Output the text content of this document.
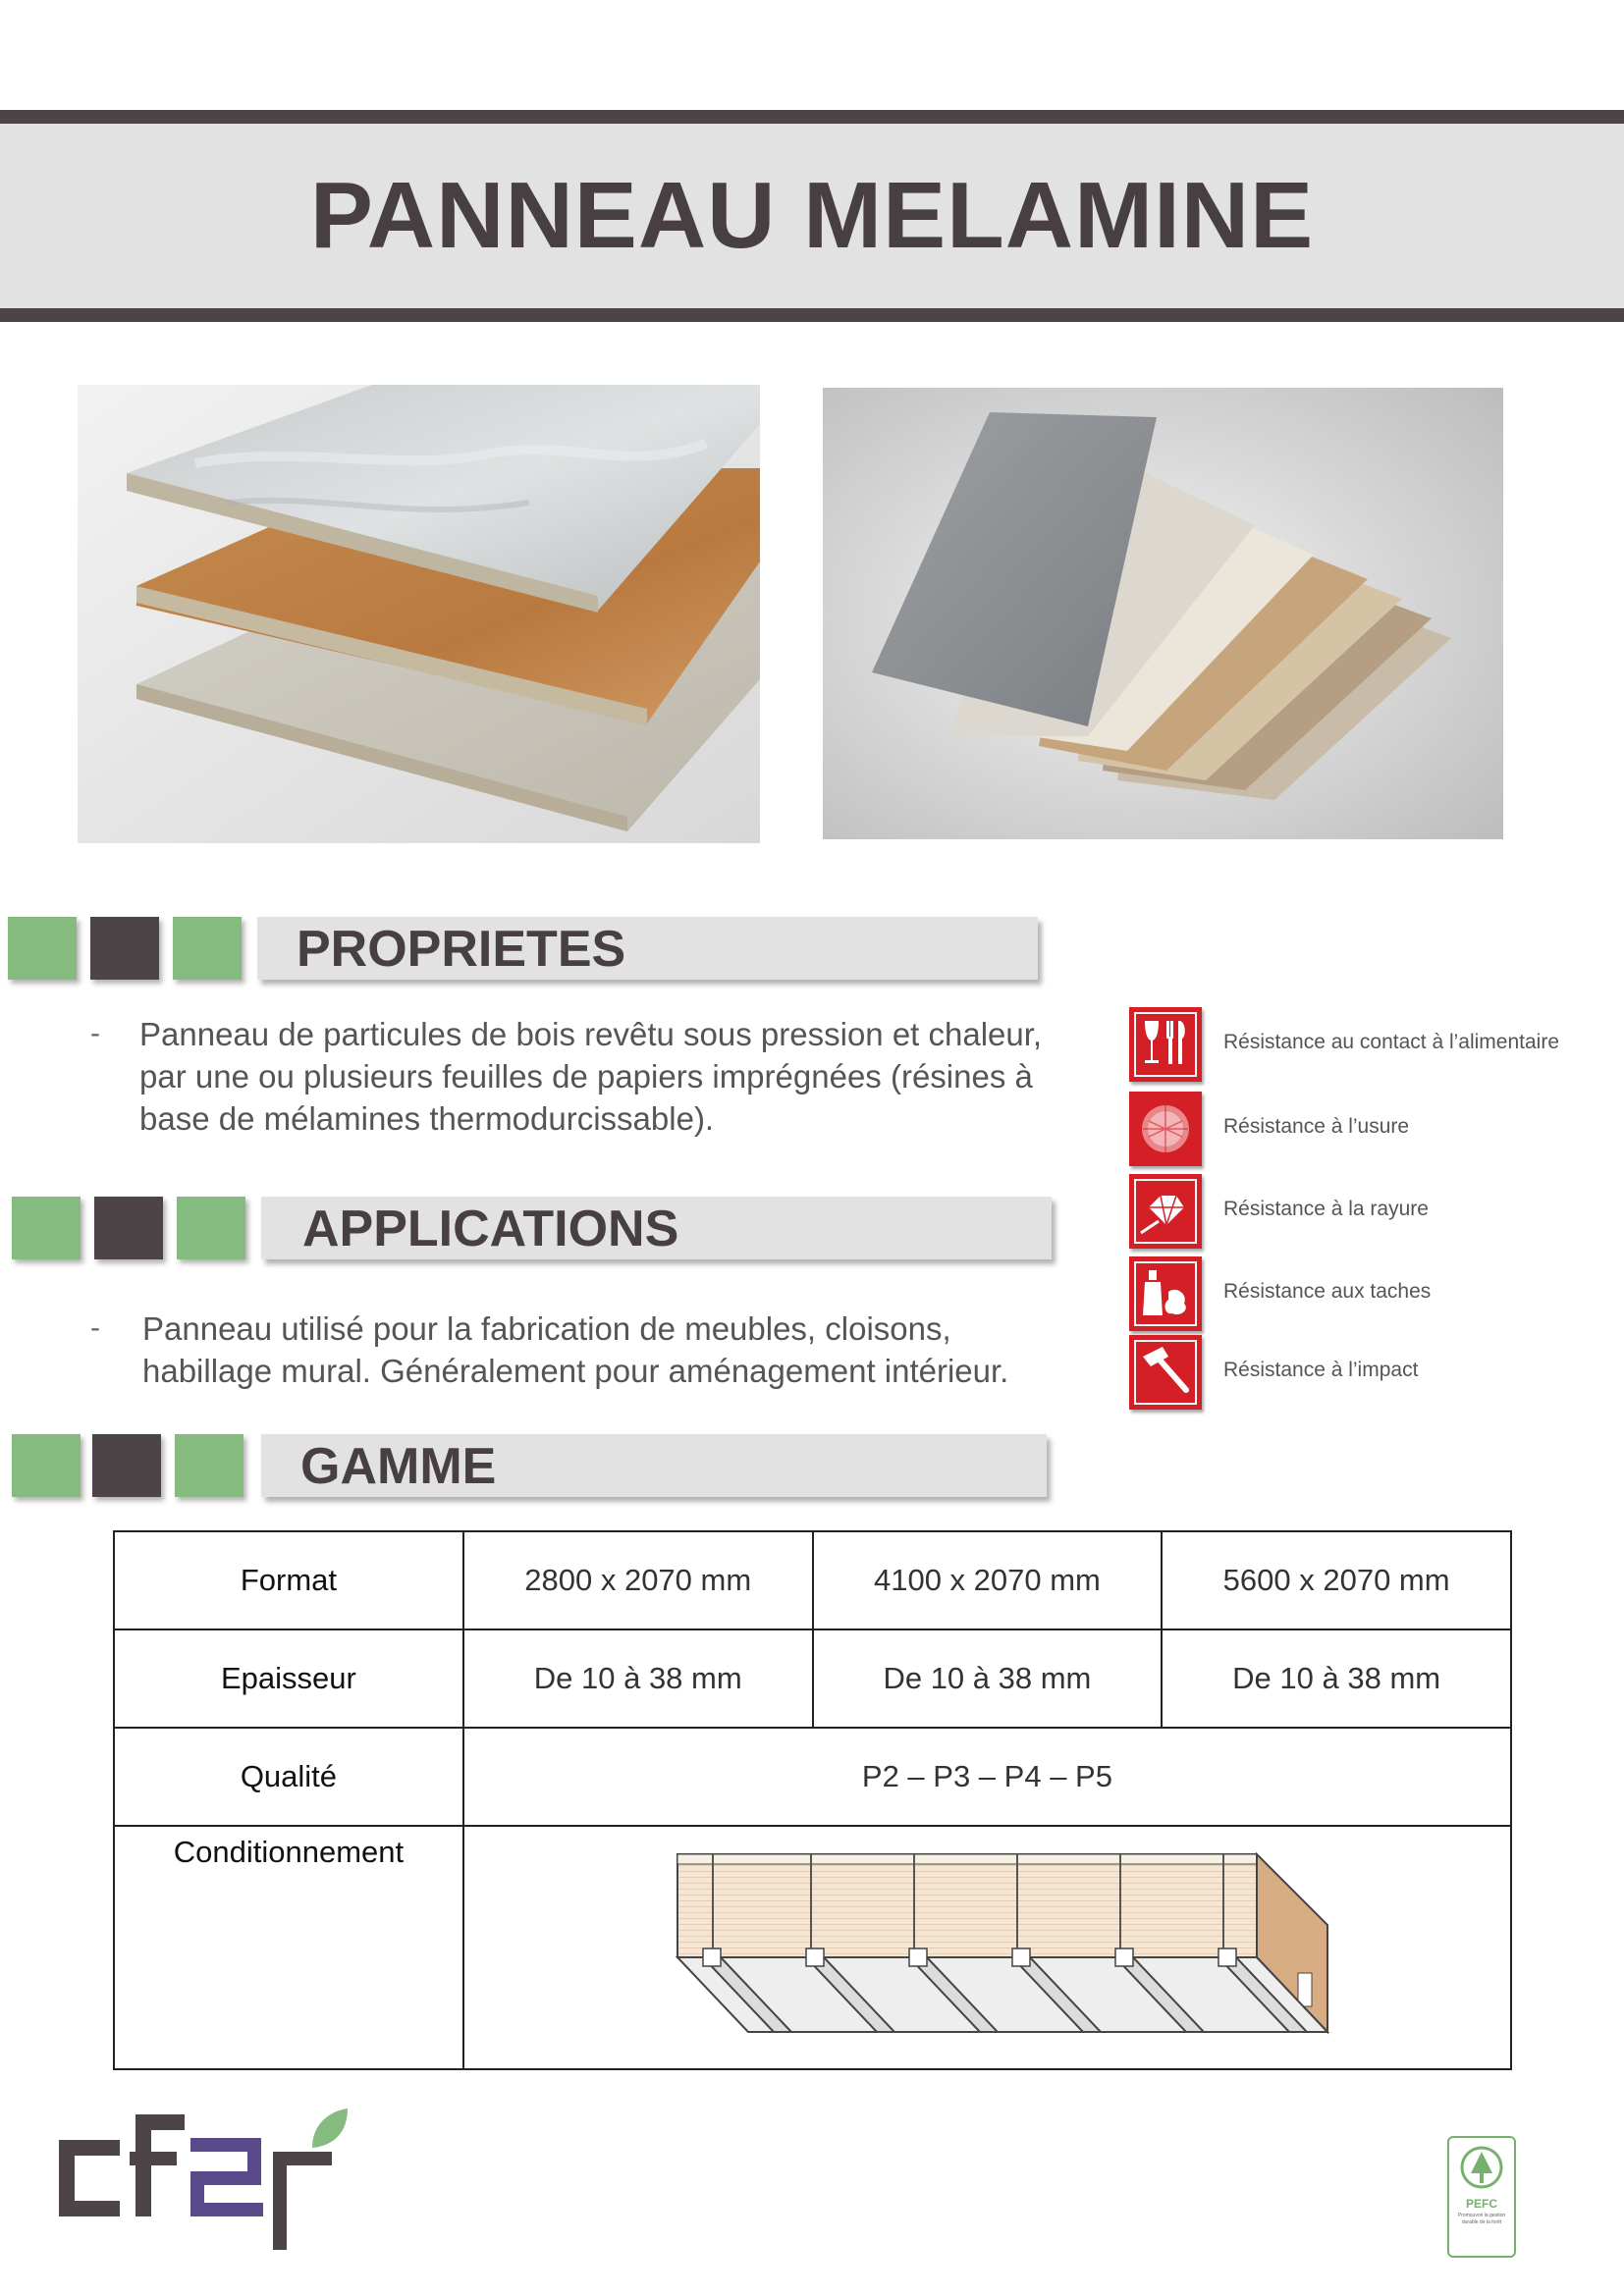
PANNEAU MELAMINE
PROPRIETES
- Panneau de particules de bois revêtu sous pression et chaleur, par une ou plusieurs feuilles de papiers imprégnées (résines à base de mélamines thermodurcissable).
APPLICATIONS
- Panneau utilisé pour la fabrication de meubles, cloisons, habillage mural. Généralement pour aménagement intérieur.
GAMME
Résistance au contact à l’alimentaire
Résistance à l’usure
Résistance à la rayure
Résistance aux taches
Résistance à l’impact
Format	2800 x 2070 mm	4100 x 2070 mm	5600 x 2070 mm
Epaisseur	De 10 à 38 mm	De 10 à 38 mm	De 10 à 38 mm
Qualité	P2 – P3 – P4 – P5		
Conditionnement			
PEFC
Promouvoir la gestion durable de la forêt
